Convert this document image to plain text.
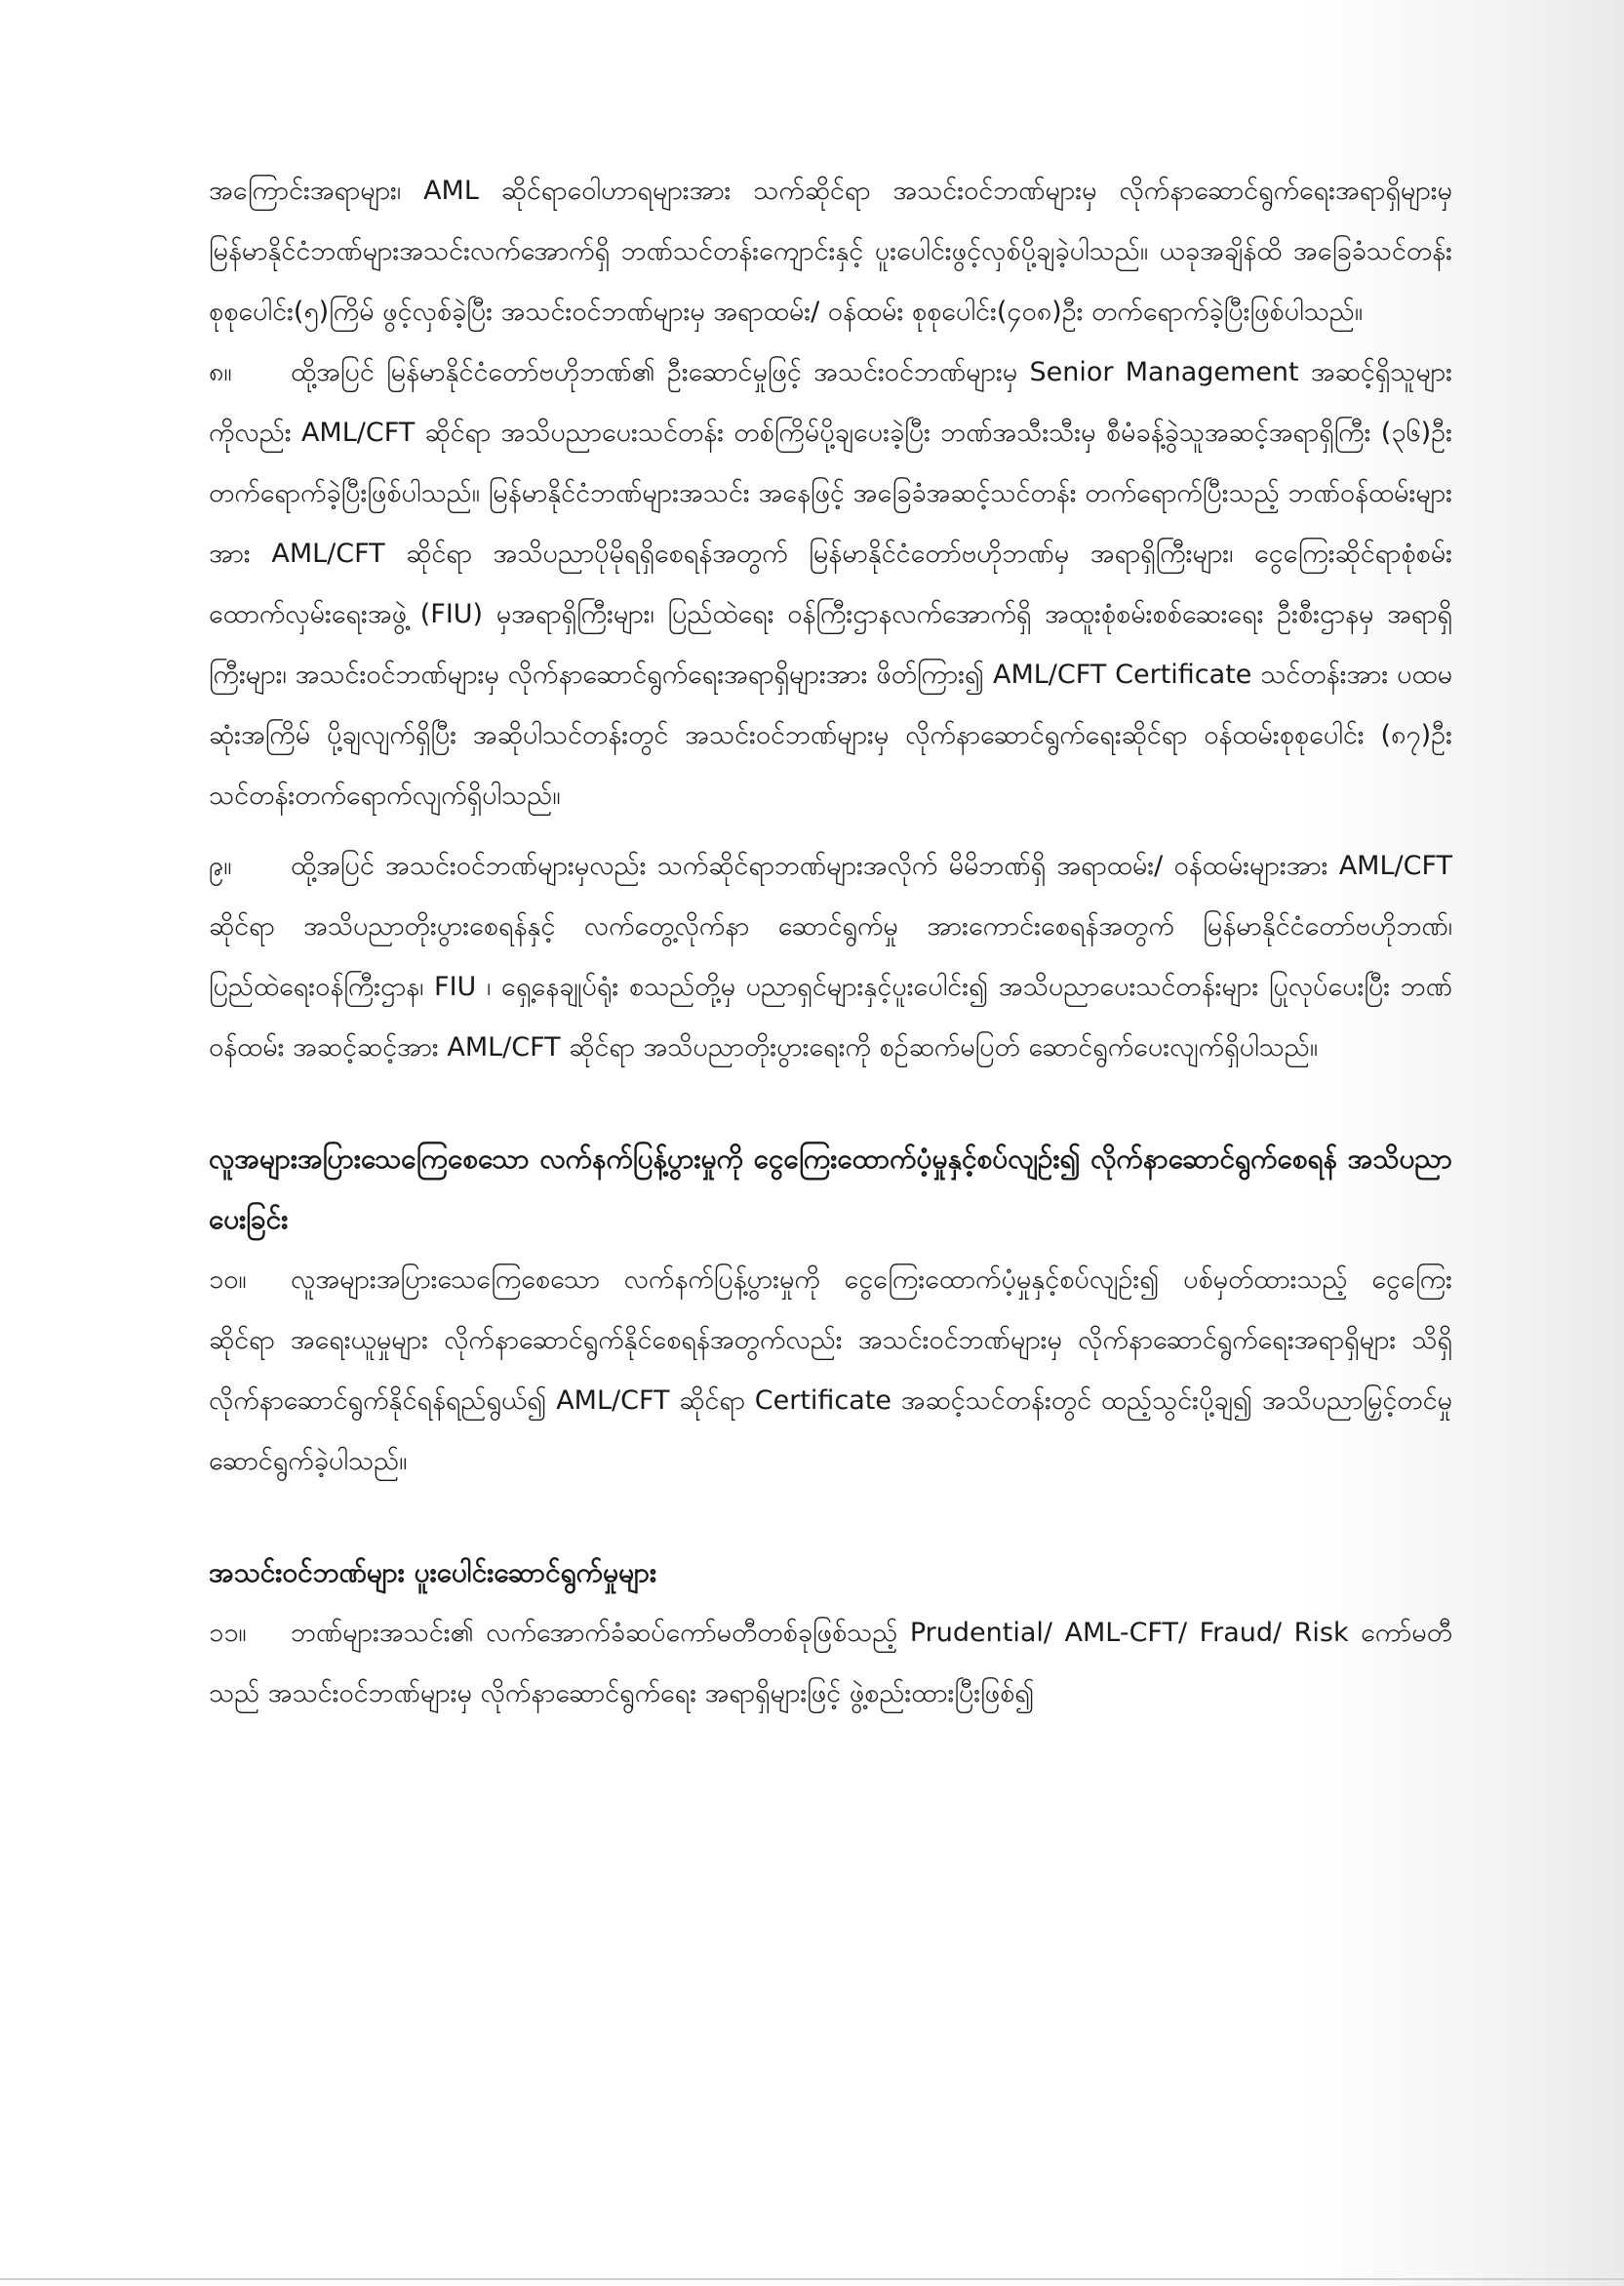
အကြောင်းအရာများ၊ AML ဆိုင်ရာဝေါဟာရများအား သက်ဆိုင်ရာ အသင်းဝင်ဘဏ်များမှ လိုက်နာဆောင်ရွက်ရေးအရာရှိများမှ မြန်မာနိုင်ငံဘဏ်များအသင်းလက်အောက်ရှိ ဘဏ်သင်တန်းကျောင်းနှင့် ပူးပေါင်းဖွင့်လှစ်ပို့ချခဲ့ပါသည်။ ယခုအချိန်ထိ အခြေခံသင်တန်း စုစုပေါင်း(၅)ကြိမ် ဖွင့်လှစ်ခဲ့ပြီး အသင်းဝင်ဘဏ်များမှ အရာထမ်း/ ဝန်ထမ်း စုစုပေါင်း(၄၀၈)ဦး တက်ရောက်ခဲ့ပြီးဖြစ်ပါသည်။

၈။ ထို့အပြင် မြန်မာနိုင်ငံတော်ဗဟိုဘဏ်၏ ဦးဆောင်မှုဖြင့် အသင်းဝင်ဘဏ်များမှ Senior Management အဆင့်ရှိသူများကိုလည်း AML/CFT ဆိုင်ရာ အသိပညာပေးသင်တန်း တစ်ကြိမ်ပို့ချပေးခဲ့ပြီး ဘဏ်အသီးသီးမှ စီမံခန့်ခွဲသူအဆင့်အရာရှိကြီး (၃၆)ဦး တက်ရောက်ခဲ့ပြီးဖြစ်ပါသည်။ မြန်မာနိုင်ငံဘဏ်များအသင်း အနေဖြင့် အခြေခံအဆင့်သင်တန်း တက်ရောက်ပြီးသည့် ဘဏ်ဝန်ထမ်းများအား AML/CFT ဆိုင်ရာ အသိပညာပိုမိုရရှိစေရန်အတွက် မြန်မာနိုင်ငံတော်ဗဟိုဘဏ်မှ အရာရှိကြီးများ၊ ငွေကြေးဆိုင်ရာစုံစမ်းထောက်လှမ်းရေးအဖွဲ့ (FIU) မှအရာရှိကြီးများ၊ ပြည်ထဲရေး ဝန်ကြီးဌာနလက်အောက်ရှိ အထူးစုံစမ်းစစ်ဆေးရေး ဦးစီးဌာနမှ အရာရှိကြီးများ၊ အသင်းဝင်ဘဏ်များမှ လိုက်နာဆောင်ရွက်ရေးအရာရှိများအား ဖိတ်ကြား၍ AML/CFT Certificate သင်တန်းအား ပထမဆုံးအကြိမ် ပို့ချလျက်ရှိပြီး အဆိုပါသင်တန်းတွင် အသင်းဝင်ဘဏ်များမှ လိုက်နာဆောင်ရွက်ရေးဆိုင်ရာ ဝန်ထမ်းစုစုပေါင်း (၈၇)ဦး သင်တန်းတက်ရောက်လျက်ရှိပါသည်။

၉။ ထို့အပြင် အသင်းဝင်ဘဏ်များမှလည်း သက်ဆိုင်ရာဘဏ်များအလိုက် မိမိဘဏ်ရှိ အရာထမ်း/ ဝန်ထမ်းများအား AML/CFT ဆိုင်ရာ အသိပညာတိုးပွားစေရန်နှင့် လက်တွေ့လိုက်နာ ဆောင်ရွက်မှု အားကောင်းစေရန်အတွက် မြန်မာနိုင်ငံတော်ဗဟိုဘဏ်၊ ပြည်ထဲရေးဝန်ကြီးဌာန၊ FIU ၊ ရှေ့နေချုပ်ရုံး စသည်တို့မှ ပညာရှင်များနှင့်ပူးပေါင်း၍ အသိပညာပေးသင်တန်းများ ပြုလုပ်ပေးပြီး ဘဏ်ဝန်ထမ်း အဆင့်ဆင့်အား AML/CFT ဆိုင်ရာ အသိပညာတိုးပွားရေးကို စဉ်ဆက်မပြတ် ဆောင်ရွက်ပေးလျက်ရှိပါသည်။

လူအများအပြားသေကြေစေသော လက်နက်ပြန့်ပွားမှုကို ငွေကြေးထောက်ပံ့မှုနှင့်စပ်လျဉ်း၍ လိုက်နာဆောင်ရွက်စေရန် အသိပညာပေးခြင်း

၁၀။ လူအများအပြားသေကြေစေသော လက်နက်ပြန့်ပွားမှုကို ငွေကြေးထောက်ပံ့မှုနှင့်စပ်လျဉ်း၍ ပစ်မှတ်ထားသည့် ငွေကြေးဆိုင်ရာ အရေးယူမှုများ လိုက်နာဆောင်ရွက်နိုင်စေရန်အတွက်လည်း အသင်းဝင်ဘဏ်များမှ လိုက်နာဆောင်ရွက်ရေးအရာရှိများ သိရှိလိုက်နာဆောင်ရွက်နိုင်ရန်ရည်ရွယ်၍ AML/CFT ဆိုင်ရာ Certificate အဆင့်သင်တန်းတွင် ထည့်သွင်းပို့ချ၍ အသိပညာမြှင့်တင်မှု ဆောင်ရွက်ခဲ့ပါသည်။

အသင်းဝင်ဘဏ်များ ပူးပေါင်းဆောင်ရွက်မှုများ

၁၁။ ဘဏ်များအသင်း၏ လက်အောက်ခံဆပ်ကော်မတီတစ်ခုဖြစ်သည့် Prudential/ AML-CFT/ Fraud/ Risk ကော်မတီသည် အသင်းဝင်ဘဏ်များမှ လိုက်နာဆောင်ရွက်ရေး အရာရှိများဖြင့် ဖွဲ့စည်းထားပြီးဖြစ်၍
